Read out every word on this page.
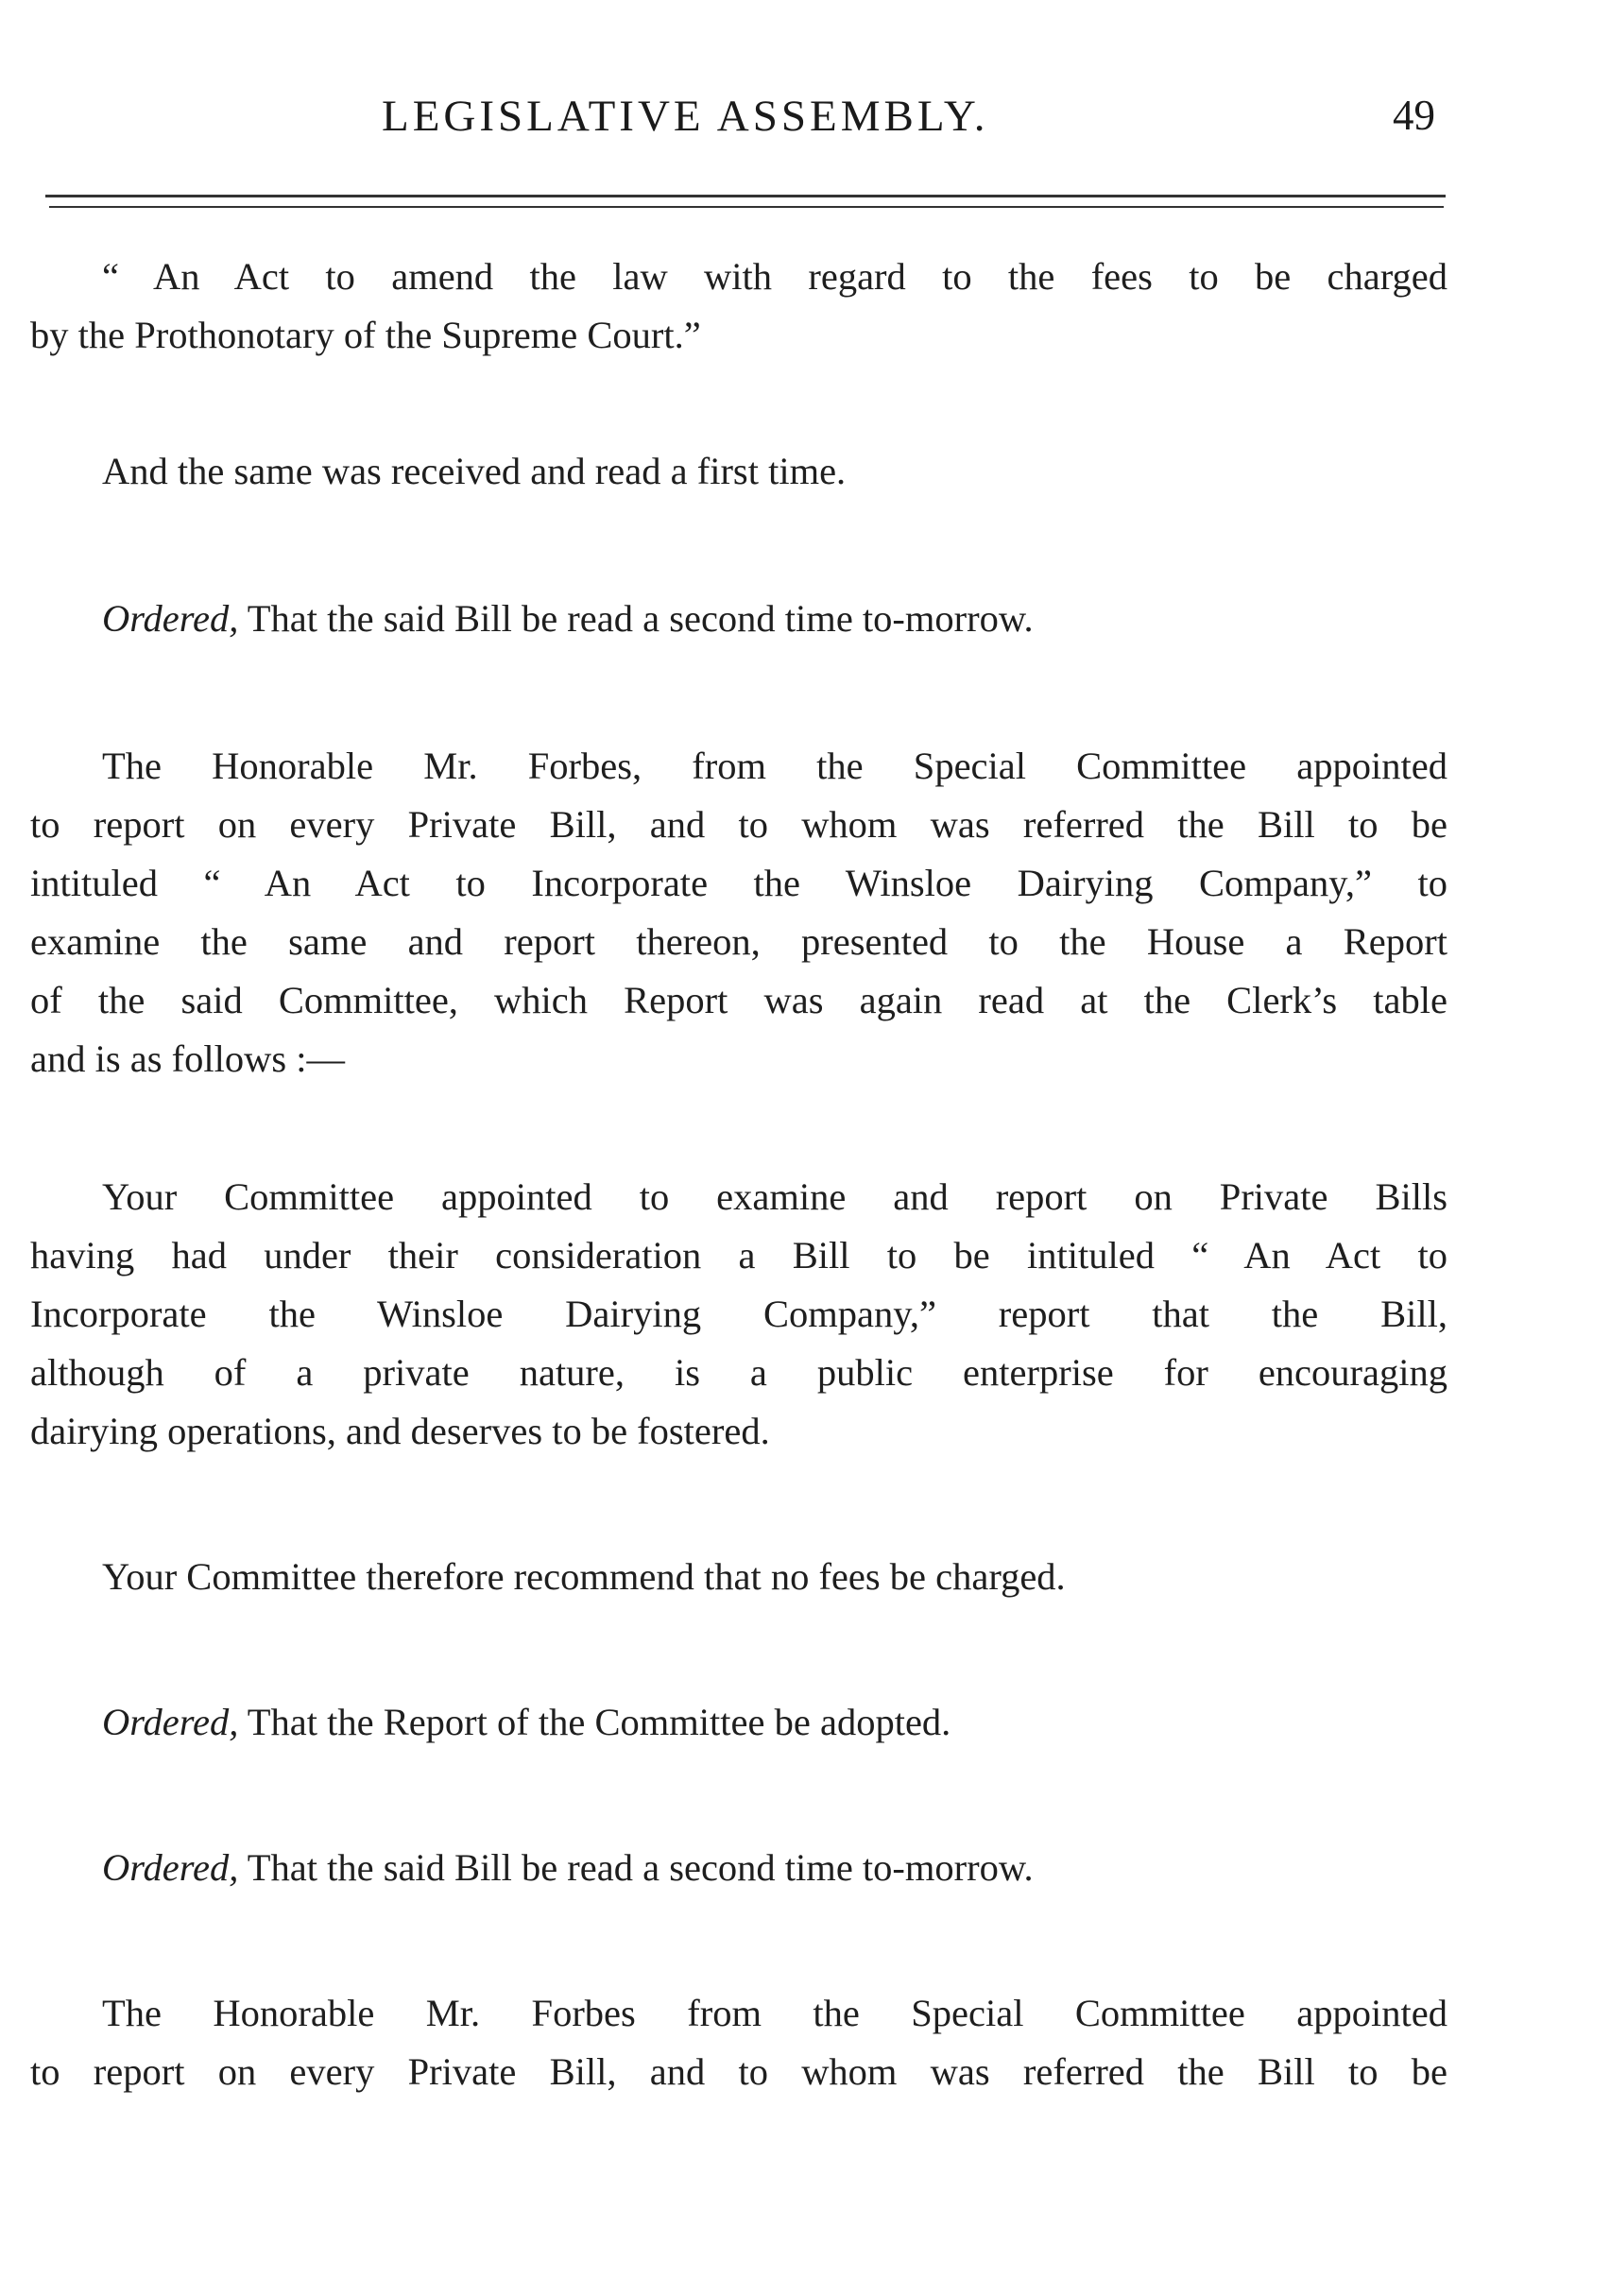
LEGISLATIVE ASSEMBLY.	49
“ An Act to amend the law with regard to the fees to be charged
by the Prothonotary of the Supreme Court.”
And the same was received and read a first time.
Ordered, That the said Bill be read a second time to-morrow.
The Honorable Mr. Forbes, from the Special Committee appointed
to report on every Private Bill, and to whom was referred the Bill to be
intituled “ An Act to Incorporate the Winsloe Dairying Company,” to
examine the same and report thereon, presented to the House a Report
of the said Committee, which Report was again read at the Clerk’s table
and is as follows :—
Your Committee appointed to examine and report on Private Bills
having had under their consideration a Bill to be intituled “ An Act to
Incorporate the Winsloe Dairying Company,” report that the Bill,
although of a private nature, is a public enterprise for encouraging
dairying operations, and deserves to be fostered.
Your Committee therefore recommend that no fees be charged.
Ordered, That the Report of the Committee be adopted.
Ordered, That the said Bill be read a second time to-morrow.
The Honorable Mr. Forbes from the Special Committee appointed
to report on every Private Bill, and to whom was referred the Bill to be
